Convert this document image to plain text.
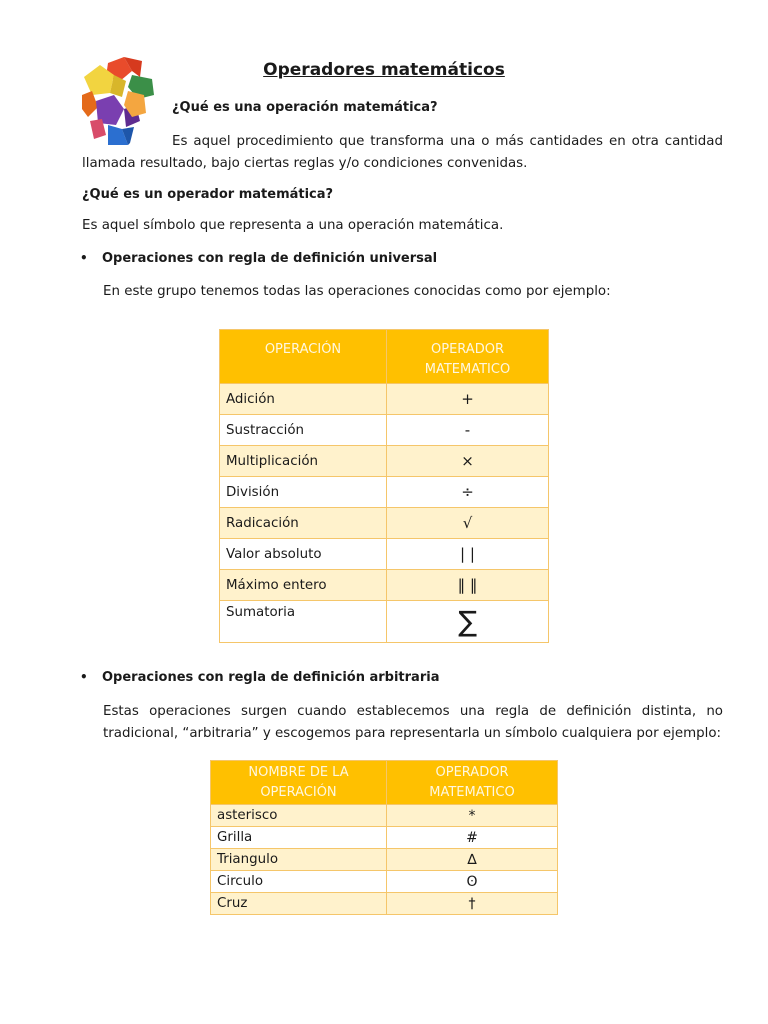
Operadores matemáticos
¿Qué es una operación matemática?

Es aquel procedimiento que transforma una o más cantidades en otra cantidad llamada resultado, bajo ciertas reglas y/o condiciones convenidas.

¿Qué es un operador matemática?

Es aquel símbolo que representa a una operación matemática.

• Operaciones con regla de definición universal

En este grupo tenemos todas las operaciones conocidas como por ejemplo:

OPERACIÓN	OPERADOR MATEMATICO
Adición	+
Sustracción	-
Multiplicación	×
División	÷
Radicación	√
Valor absoluto	| |
Máximo entero	‖ ‖
Sumatoria	∑
• Operaciones con regla de definición arbitraria

Estas operaciones surgen cuando establecemos una regla de definición distinta, no tradicional, “arbitraria” y escogemos para representarla un símbolo cualquiera por ejemplo:

NOMBRE DE LA OPERACIÓN	OPERADOR MATEMATICO
asterisco	*
Grilla	#
Triangulo	∆
Circulo	ʘ
Cruz	†
